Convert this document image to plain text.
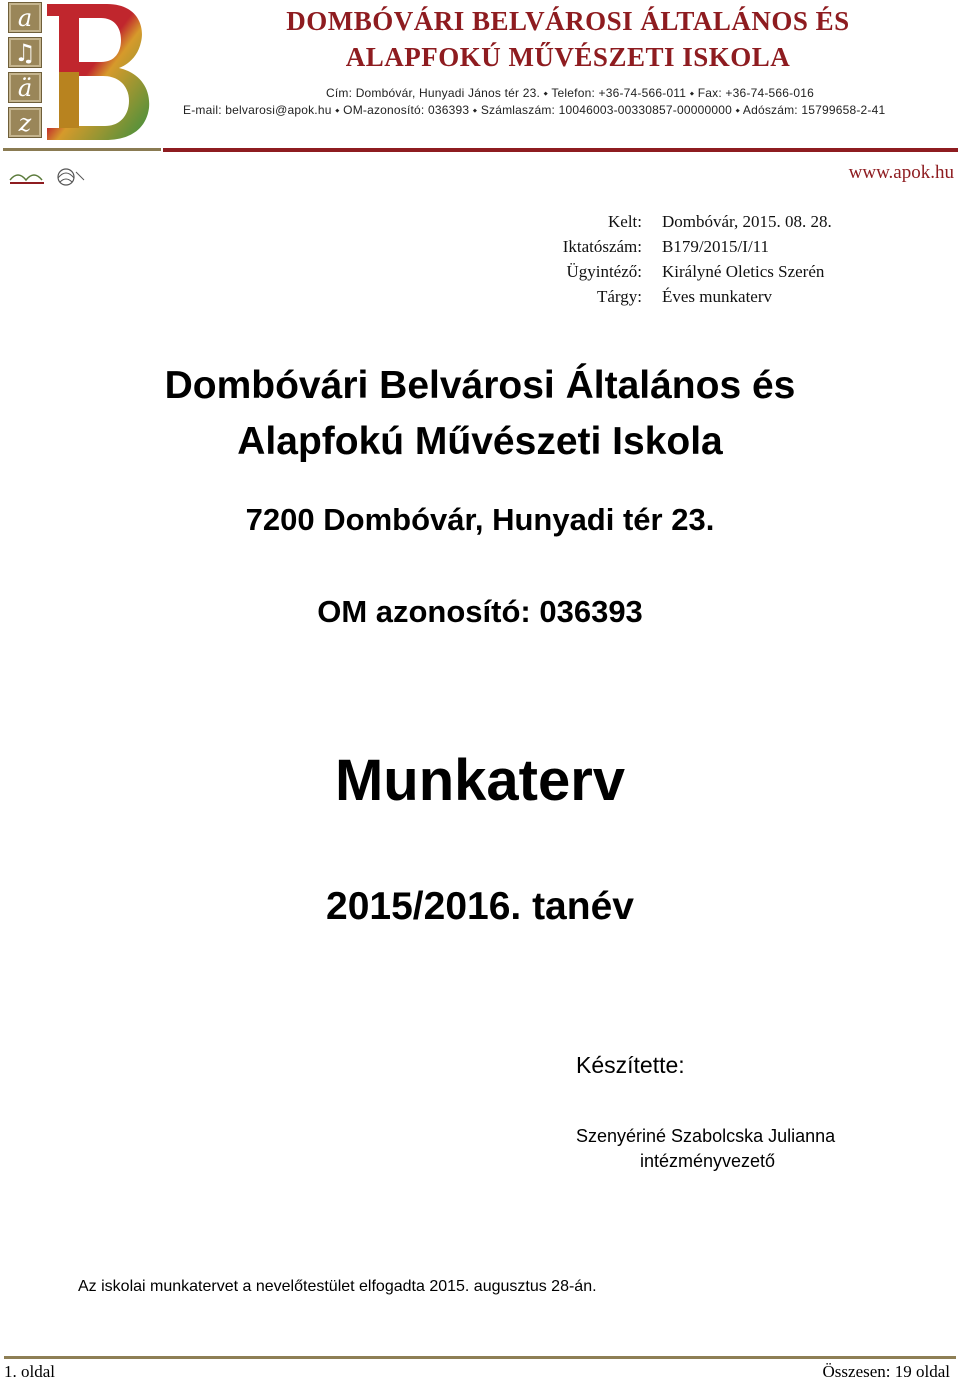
a
♫
ä
z
DOMBÓVÁRI BELVÁROSI ÁLTALÁNOS ÉS
ALAPFOKÚ MŰVÉSZETI ISKOLA
Cím: Dombóvár, Hunyadi János tér 23. ⬩ Telefon: +36-74-566-011 ⬩ Fax: +36-74-566-016
E-mail: belvarosi@apok.hu ⬩ OM-azonosító: 036393 ⬩ Számlaszám: 10046003-00330857-00000000 ⬩ Adószám: 15799658-2-41
www.apok.hu
Kelt: Dombóvár, 2015. 08. 28.
Iktatószám: B179/2015/I/11
Ügyintéző: Királyné Oletics Szerén
Tárgy: Éves munkaterv
Dombóvári Belvárosi Általános és
Alapfokú Művészeti Iskola
7200 Dombóvár, Hunyadi tér 23.
OM azonosító: 036393
Munkaterv
2015/2016. tanév
Készítette:
Szenyériné Szabolcska Julianna
intézményvezető
Az iskolai munkatervet a nevelőtestület elfogadta 2015. augusztus 28-án.
1. oldal	Összesen: 19 oldal
